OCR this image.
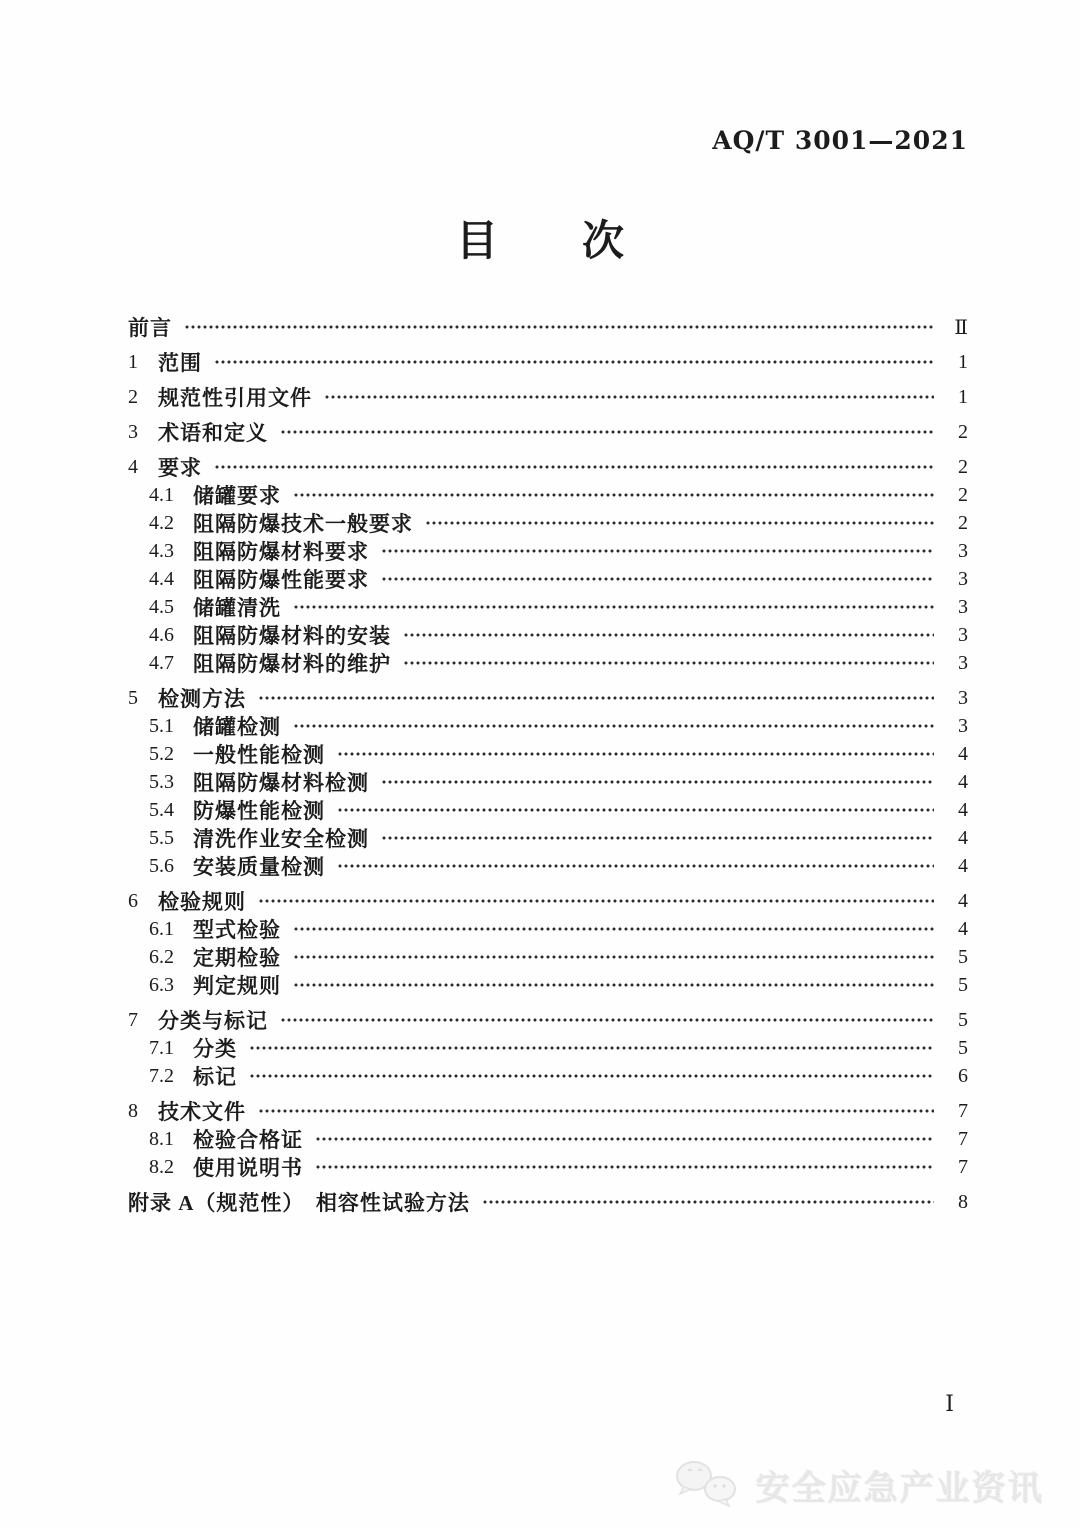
AQ/T 3001—2021
目　　次
前言	Ⅱ
1 范围	1
2 规范性引用文件	1
3 术语和定义	2
4 要求	2
4.1 储罐要求	2
4.2 阻隔防爆技术一般要求	2
4.3 阻隔防爆材料要求	3
4.4 阻隔防爆性能要求	3
4.5 储罐清洗	3
4.6 阻隔防爆材料的安装	3
4.7 阻隔防爆材料的维护	3
5 检测方法	3
5.1 储罐检测	3
5.2 一般性能检测	4
5.3 阻隔防爆材料检测	4
5.4 防爆性能检测	4
5.5 清洗作业安全检测	4
5.6 安装质量检测	4
6 检验规则	4
6.1 型式检验	4
6.2 定期检验	5
6.3 判定规则	5
7 分类与标记	5
7.1 分类	5
7.2 标记	6
8 技术文件	7
8.1 检验合格证	7
8.2 使用说明书	7
附录 A（规范性）　相容性试验方法	8
Ⅰ
安全应急产业资讯
